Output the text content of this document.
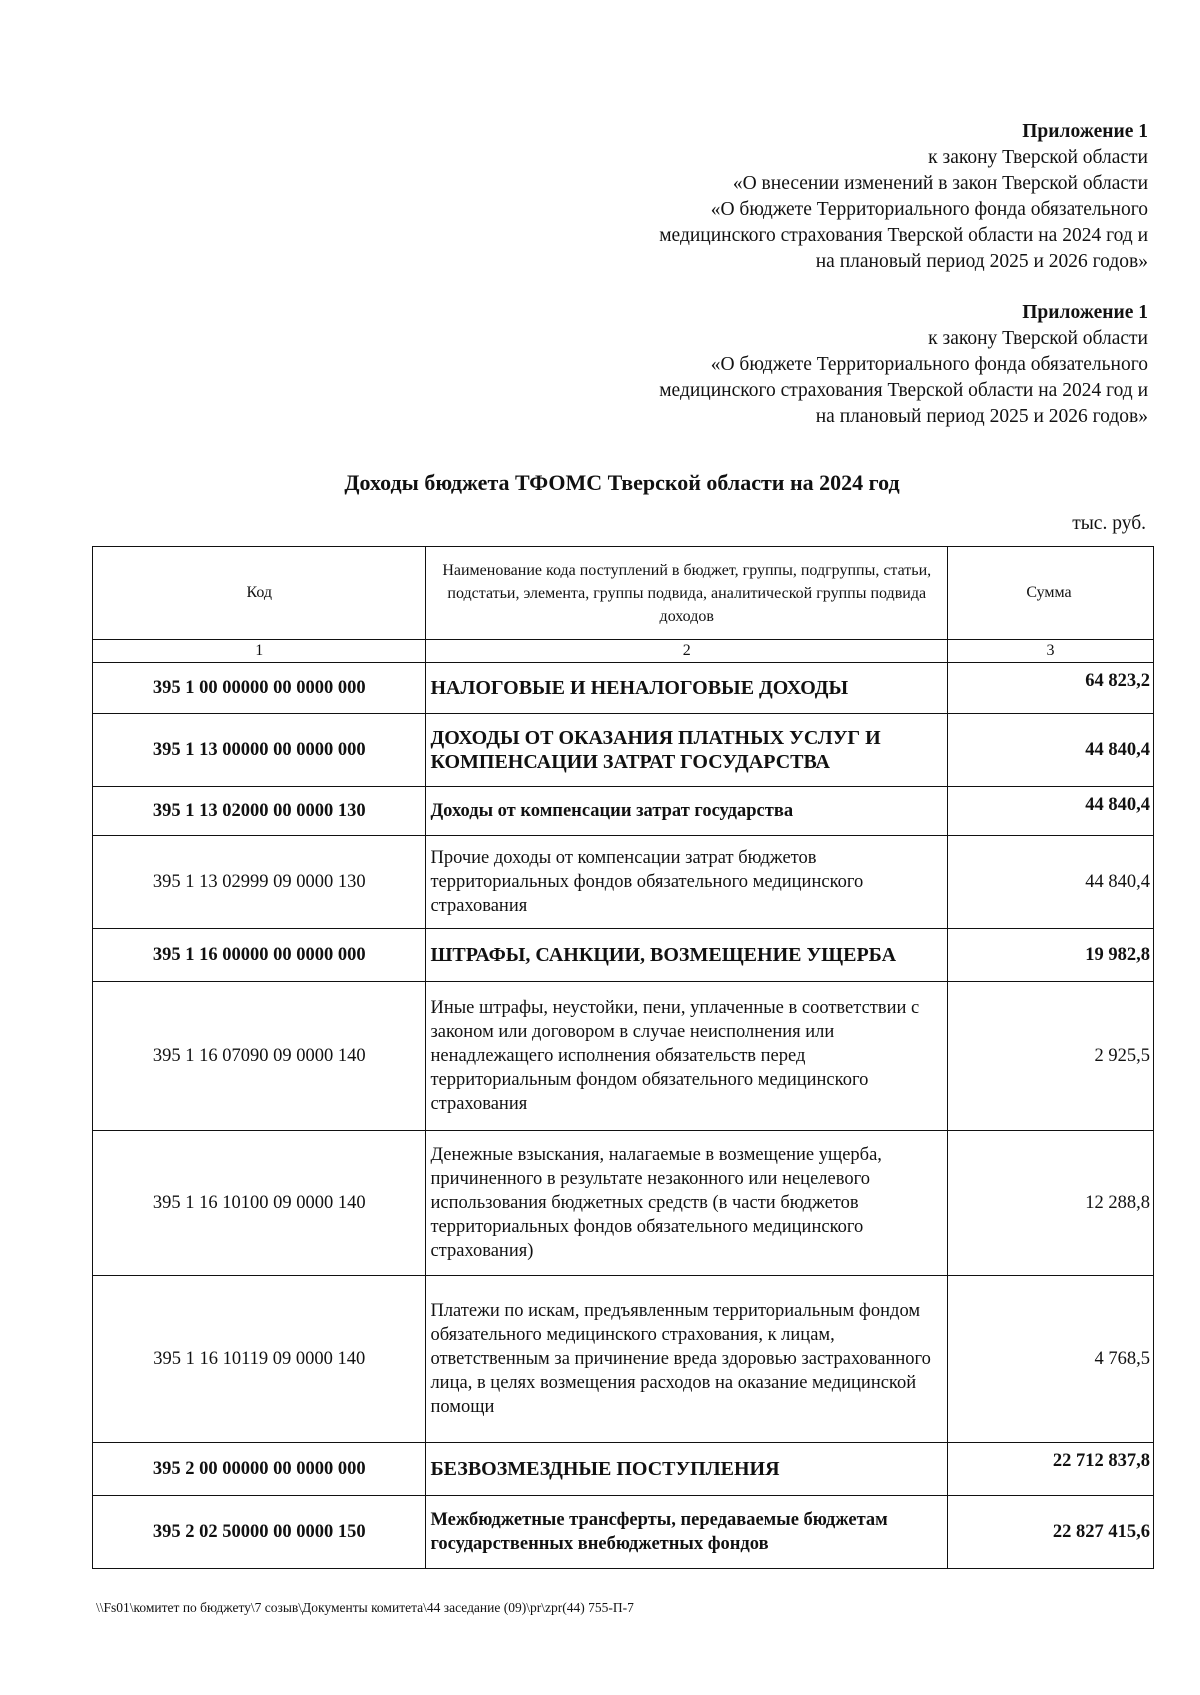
Приложение 1
к закону Тверской области
«О внесении изменений в закон Тверской области
«О бюджете Территориального фонда обязательного
медицинского страхования Тверской области на 2024 год и
на плановый период 2025 и 2026 годов»
Приложение 1
к закону Тверской области
«О бюджете Территориального фонда обязательного
медицинского страхования Тверской области на 2024 год и
на плановый период 2025 и 2026 годов»
Доходы бюджета ТФОМС Тверской области на 2024 год
тыс. руб.
Код	Наименование кода поступлений в бюджет, группы, подгруппы, статьи, подстатьи, элемента, группы подвида, аналитической группы подвида доходов	Сумма
1	2	3
395 1 00 00000 00 0000 000	НАЛОГОВЫЕ И НЕНАЛОГОВЫЕ ДОХОДЫ	64 823,2
395 1 13 00000 00 0000 000	ДОХОДЫ ОТ ОКАЗАНИЯ ПЛАТНЫХ УСЛУГ И КОМПЕНСАЦИИ ЗАТРАТ ГОСУДАРСТВА	44 840,4
395 1 13 02000 00 0000 130	Доходы от компенсации затрат государства	44 840,4
395 1 13 02999 09 0000 130	Прочие доходы от компенсации затрат бюджетов территориальных фондов обязательного медицинского страхования	44 840,4
395 1 16 00000 00 0000 000	ШТРАФЫ, САНКЦИИ, ВОЗМЕЩЕНИЕ УЩЕРБА	19 982,8
395 1 16 07090 09 0000 140	Иные штрафы, неустойки, пени, уплаченные в соответствии с законом или договором в случае неисполнения или ненадлежащего исполнения обязательств перед территориальным фондом обязательного медицинского страхования	2 925,5
395 1 16 10100 09 0000 140	Денежные взыскания, налагаемые в возмещение ущерба, причиненного в результате незаконного или нецелевого использования бюджетных средств (в части бюджетов территориальных фондов обязательного медицинского страхования)	12 288,8
395 1 16 10119 09 0000 140	Платежи по искам, предъявленным территориальным фондом обязательного медицинского страхования, к лицам, ответственным за причинение вреда здоровью застрахованного лица, в целях возмещения расходов на оказание медицинской помощи	4 768,5
395 2 00 00000 00 0000 000	БЕЗВОЗМЕЗДНЫЕ ПОСТУПЛЕНИЯ	22 712 837,8
395 2 02 50000 00 0000 150	Межбюджетные трансферты, передаваемые бюджетам государственных внебюджетных фондов	22 827 415,6
\\Fs01\комитет по бюджету\7 созыв\Документы комитета\44 заседание (09)\pr\zpr(44) 755-П-7
